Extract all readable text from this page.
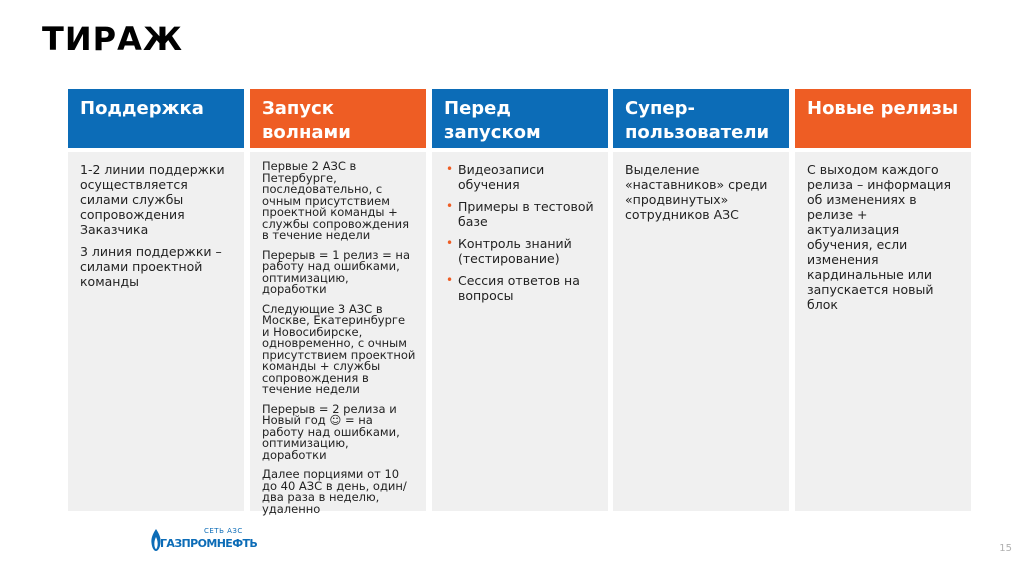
ТИРАЖ
Поддержка

1-2 линии поддержки осуществляется силами службы сопровождения Заказчика

3 линия поддержки – силами проектной команды

Запуск волнами

Первые 2 АЗС в Петербурге, последовательно, с очным присутствием проектной команды + службы сопровождения в течение недели

Перерыв = 1 релиз = на работу над ошибками, оптимизацию, доработки

Следующие 3 АЗС в Москве, Екатеринбурге и Новосибирске, одновременно, с очным присутствием проектной команды + службы сопровождения в течение недели

Перерыв = 2 релиза и Новый год ☺ = на работу над ошибками, оптимизацию, доработки

Далее порциями от 10 до 40 АЗС в день, один/два раза в неделю, удаленно

Перед запуском
• Видеозаписи обучения
• Примеры в тестовой базе
• Контроль знаний (тестирование)
• Сессия ответов на вопросы
Супер-пользователи

Выделение «наставников» среди «продвинутых» сотрудников АЗС

Новые релизы

С выходом каждого релиза – информация об изменениях в релизе + актуализация обучения, если изменения кардинальные или запускается новый блок

СЕТЬ АЗС
ГАЗПРОМНЕФТЬ	15
